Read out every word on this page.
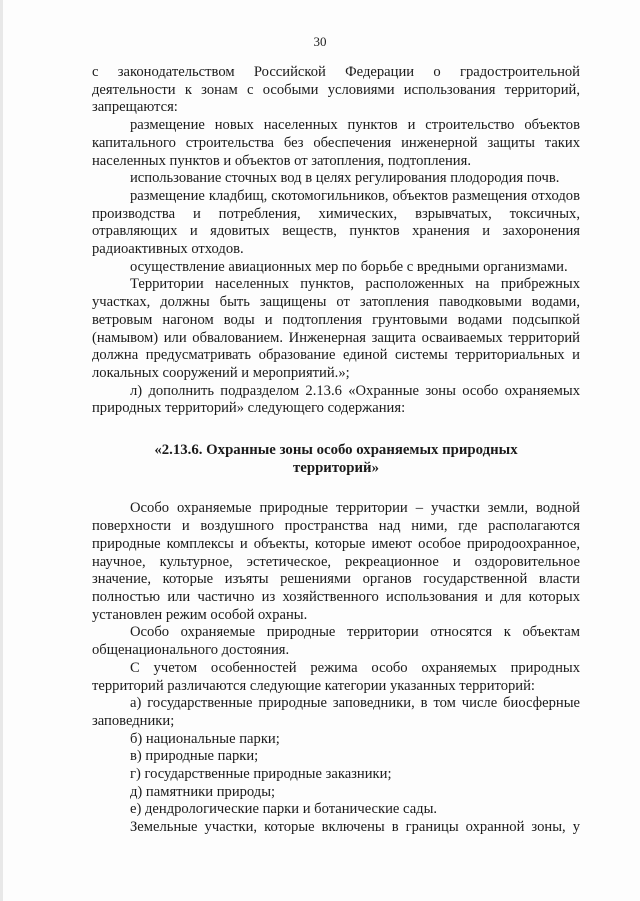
30

с законодательством Российской Федерации о градостроительной деятельности к зонам с особыми условиями использования территорий, запрещаются:

размещение новых населенных пунктов и строительство объектов капитального строительства без обеспечения инженерной защиты таких населенных пунктов и объектов от затопления, подтопления.

использование сточных вод в целях регулирования плодородия почв.

размещение кладбищ, скотомогильников, объектов размещения отходов производства и потребления, химических, взрывчатых, токсичных, отравляющих и ядовитых веществ, пунктов хранения и захоронения радиоактивных отходов.

осуществление авиационных мер по борьбе с вредными организмами.

Территории населенных пунктов, расположенных на прибрежных участках, должны быть защищены от затопления паводковыми водами, ветровым нагоном воды и подтопления грунтовыми водами подсыпкой (намывом) или обвалованием. Инженерная защита осваиваемых территорий должна предусматривать образование единой системы территориальных и локальных сооружений и мероприятий.»;

л) дополнить подразделом 2.13.6 «Охранные зоны особо охраняемых природных территорий» следующего содержания:

«2.13.6. Охранные зоны особо охраняемых природных территорий»

Особо охраняемые природные территории – участки земли, водной поверхности и воздушного пространства над ними, где располагаются природные комплексы и объекты, которые имеют особое природоохранное, научное, культурное, эстетическое, рекреационное и оздоровительное значение, которые изъяты решениями органов государственной власти полностью или частично из хозяйственного использования и для которых установлен режим особой охраны.

Особо охраняемые природные территории относятся к объектам общенационального достояния.

С учетом особенностей режима особо охраняемых природных территорий различаются следующие категории указанных территорий:

а) государственные природные заповедники, в том числе биосферные заповедники;

б) национальные парки;

в) природные парки;

г) государственные природные заказники;

д) памятники природы;

е) дендрологические парки и ботанические сады.

Земельные участки, которые включены в границы охранной зоны, у
